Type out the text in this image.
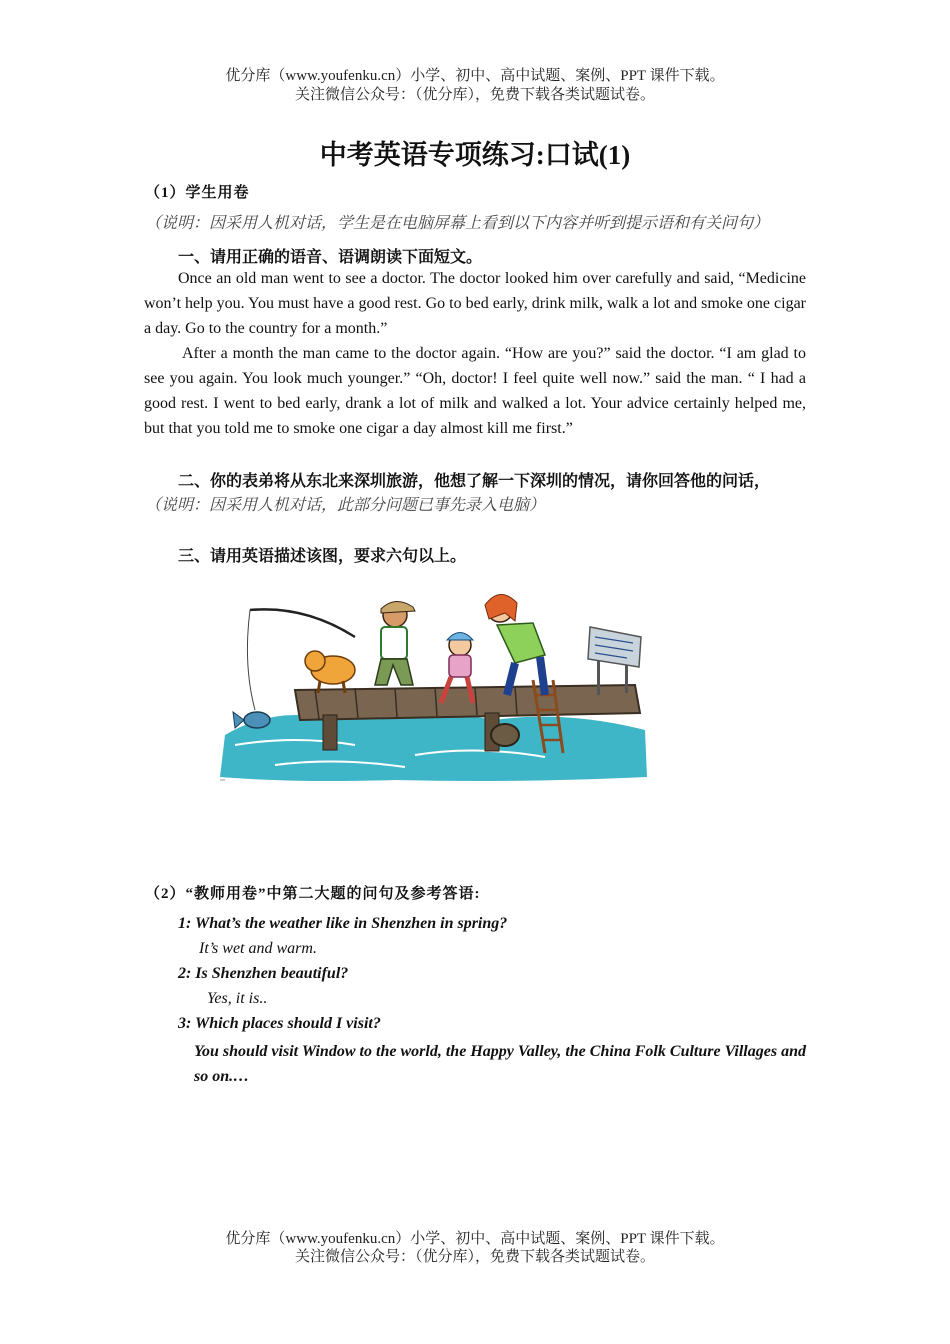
优分库（www.youfenku.cn）小学、初中、高中试题、案例、PPT 课件下载。
关注微信公众号：（优分库），免费下载各类试题试卷。
中考英语专项练习:口试(1)
（1）学生用卷
（说明：因采用人机对话，学生是在电脑屏幕上看到以下内容并听到提示语和有关问句）
一、请用正确的语音、语调朗读下面短文。

Once an old man went to see a doctor. The doctor looked him over carefully and said, “Medicine won’t help you. You must have a good rest. Go to bed early, drink milk, walk a lot and smoke one cigar a day. Go to the country for a month.”

After a month the man came to the doctor again. “How are you?” said the doctor. “I am glad to see you again. You look much younger.” “Oh, doctor! I feel quite well now.” said the man. “ I had a good rest. I went to bed early, drank a lot of milk and walked a lot. Your advice certainly helped me, but that you told me to smoke one cigar a day almost kill me first.”

二、你的表弟将从东北来深圳旅游，他想了解一下深圳的情况，请你回答他的问话，
（说明：因采用人机对话，此部分问题已事先录入电脑）
三、请用英语描述该图，要求六句以上。
（2）“教师用卷”中第二大题的问句及参考答语:
1: What’s the weather like in Shenzhen in spring?
It’s wet and warm.
2: Is Shenzhen beautiful?
Yes, it is..
3: Which places should I visit?
You should visit Window to the world, the Happy Valley, the China Folk Culture Villages and so on.…
优分库（www.youfenku.cn）小学、初中、高中试题、案例、PPT 课件下载。
关注微信公众号：（优分库），免费下载各类试题试卷。
